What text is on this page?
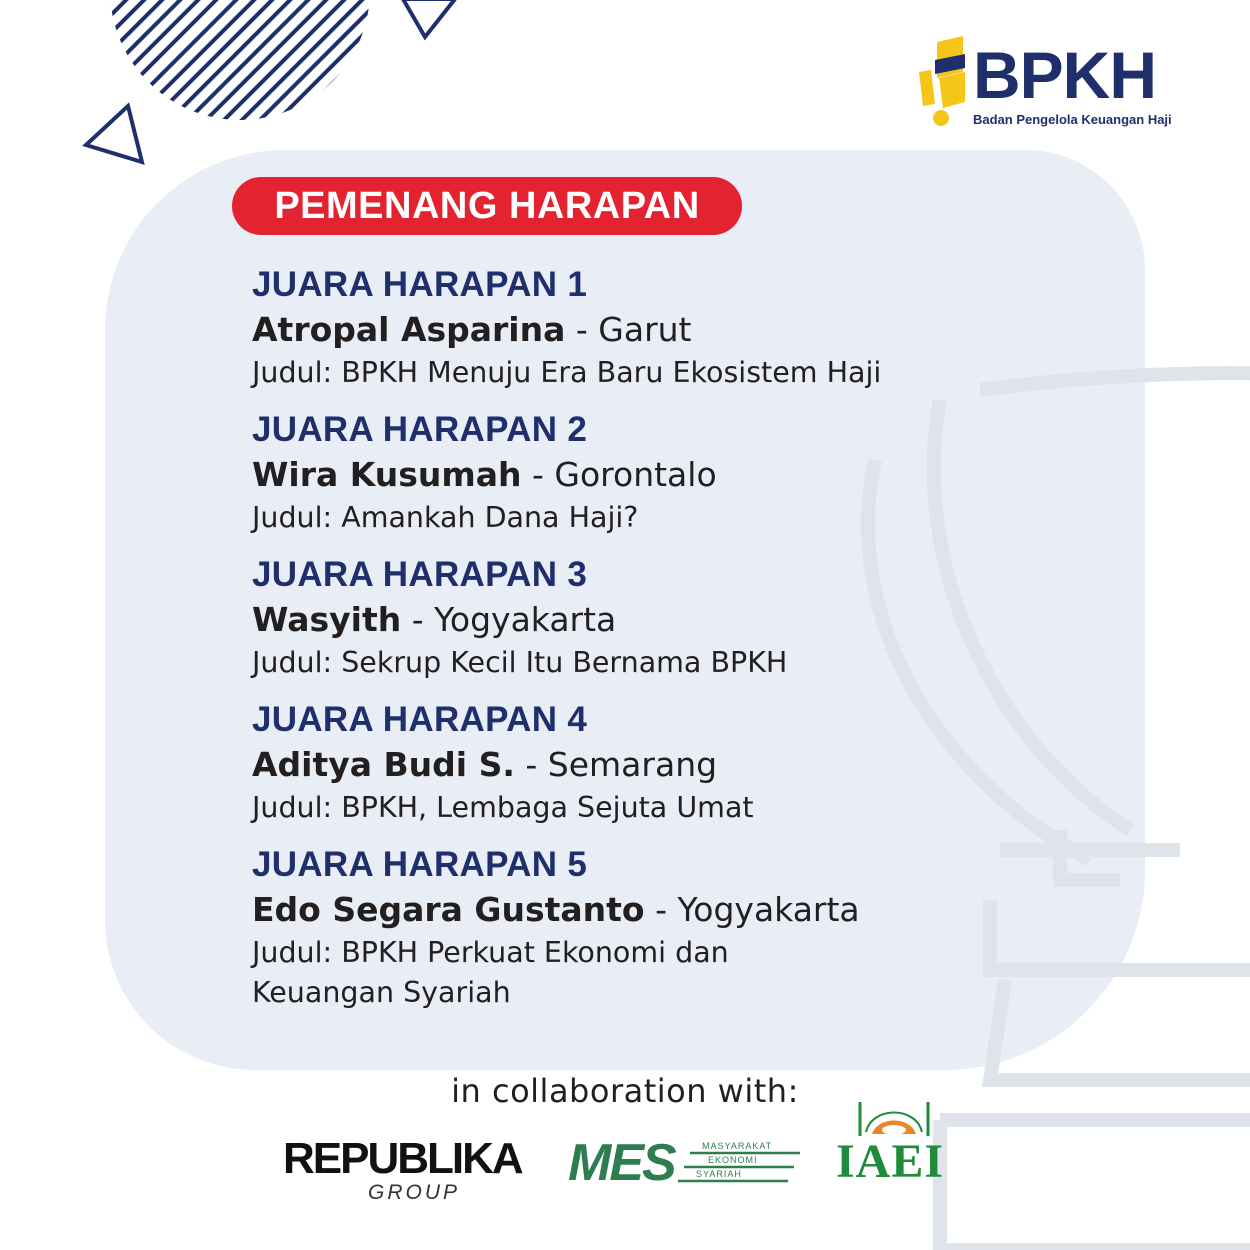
BPKH
Badan Pengelola Keuangan Haji
PEMENANG HARAPAN
JUARA HARAPAN 1
Atropal Asparina - Garut
Judul: BPKH Menuju Era Baru Ekosistem Haji
JUARA HARAPAN 2
Wira Kusumah - Gorontalo
Judul: Amankah Dana Haji?
JUARA HARAPAN 3
Wasyith - Yogyakarta
Judul: Sekrup Kecil Itu Bernama BPKH
JUARA HARAPAN 4
Aditya Budi S. - Semarang
Judul: BPKH, Lembaga Sejuta Umat
JUARA HARAPAN 5
Edo Segara Gustanto - Yogyakarta
Judul: BPKH Perkuat Ekonomi dan
Keuangan Syariah
in collaboration with:
REPUBLIKA
GROUP
MES	MASYARAKAT
EKONOMI
SYARIAH IAEI
